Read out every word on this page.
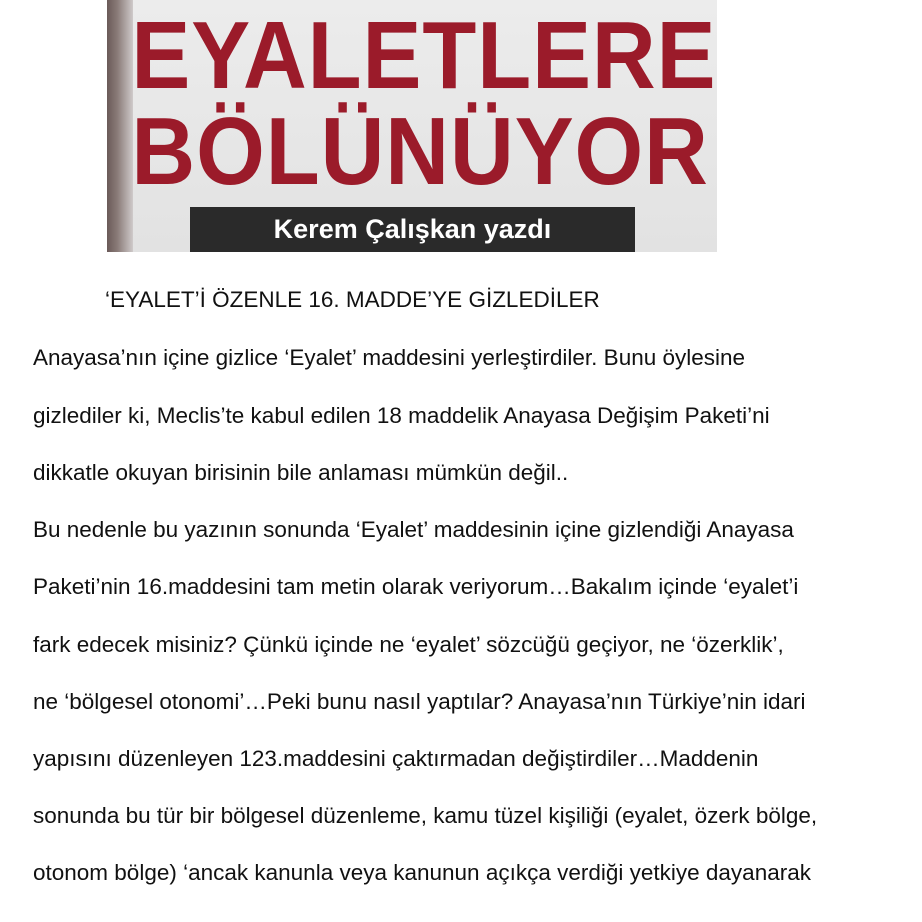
EYALETLERE
BÖLÜNÜYOR
Kerem Çalışkan yazdı
‘EYALET’İ ÖZENLE 16. MADDE’YE GİZLEDİLER
Anayasa’nın içine gizlice ‘Eyalet’ maddesini yerleştirdiler. Bunu öylesine
gizlediler ki, Meclis’te kabul edilen 18 maddelik Anayasa Değişim Paketi’ni
dikkatle okuyan birisinin bile anlaması mümkün değil..
Bu nedenle bu yazının sonunda ‘Eyalet’ maddesinin içine gizlendiği Anayasa
Paketi’nin 16.maddesini tam metin olarak veriyorum…Bakalım içinde ‘eyalet’i
fark edecek misiniz? Çünkü içinde ne ‘eyalet’ sözcüğü geçiyor, ne ‘özerklik’,
ne ‘bölgesel otonomi’…Peki bunu nasıl yaptılar? Anayasa’nın Türkiye’nin idari
yapısını düzenleyen 123.maddesini çaktırmadan değiştirdiler…Maddenin
sonunda bu tür bir bölgesel düzenleme, kamu tüzel kişiliği (eyalet, özerk bölge,
otonom bölge) ‘ancak kanunla veya kanunun açıkça verdiği yetkiye dayanarak
